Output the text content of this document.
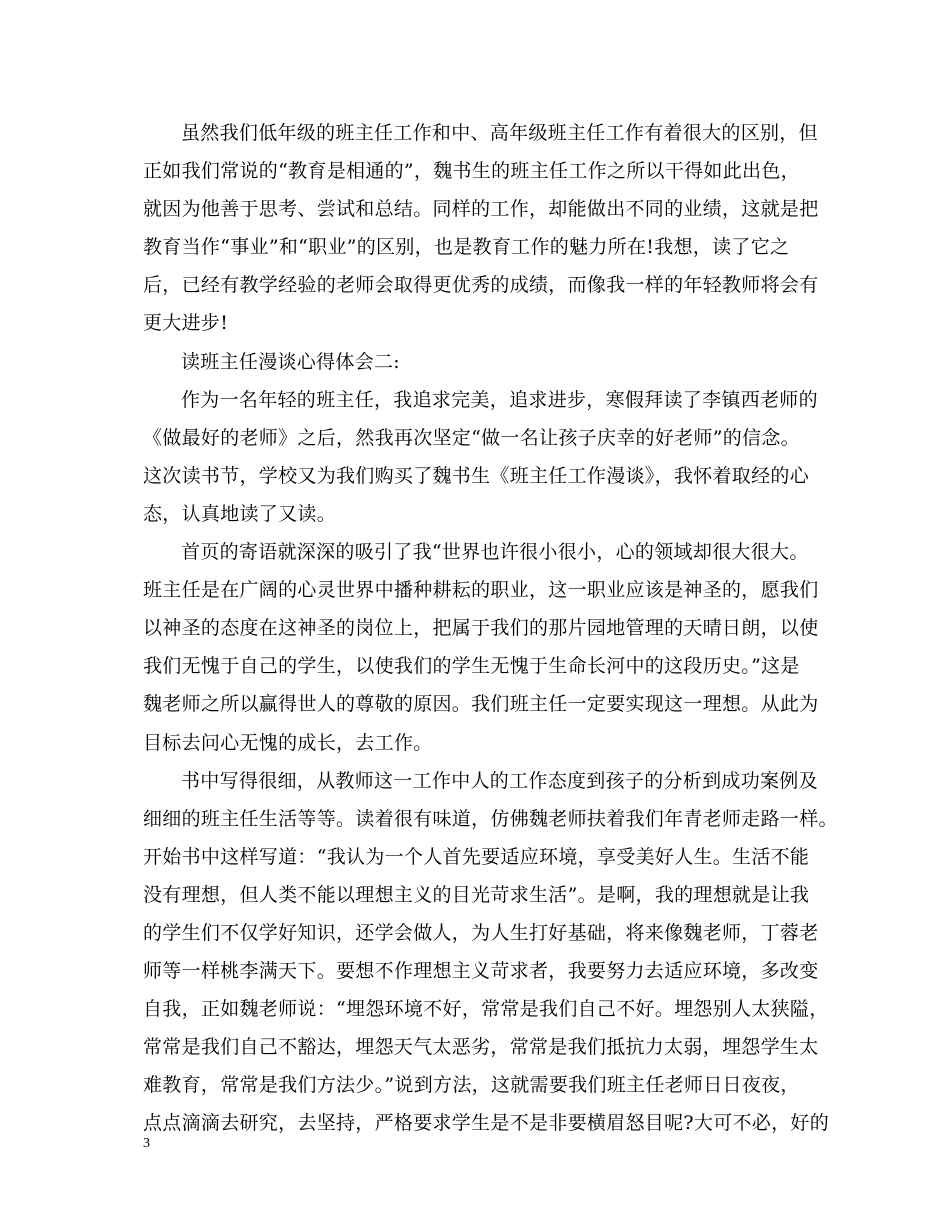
虽然我们低年级的班主任工作和中、高年级班主任工作有着很大的区别，但
正如我们常说的“教育是相通的”，魏书生的班主任工作之所以干得如此出色，
就因为他善于思考、尝试和总结。同样的工作，却能做出不同的业绩，这就是把
教育当作“事业”和“职业”的区别，也是教育工作的魅力所在!我想，读了它之
后，已经有教学经验的老师会取得更优秀的成绩，而像我一样的年轻教师将会有
更大进步!
读班主任漫谈心得体会二:
作为一名年轻的班主任，我追求完美，追求进步，寒假拜读了李镇西老师的
《做最好的老师》之后，然我再次坚定“做一名让孩子庆幸的好老师”的信念。
这次读书节，学校又为我们购买了魏书生《班主任工作漫谈》，我怀着取经的心
态，认真地读了又读。
首页的寄语就深深的吸引了我“世界也许很小很小，心的领域却很大很大。
班主任是在广阔的心灵世界中播种耕耘的职业，这一职业应该是神圣的，愿我们
以神圣的态度在这神圣的岗位上，把属于我们的那片园地管理的天晴日朗，以使
我们无愧于自己的学生，以使我们的学生无愧于生命长河中的这段历史。”这是
魏老师之所以赢得世人的尊敬的原因。我们班主任一定要实现这一理想。从此为
目标去问心无愧的成长，去工作。
书中写得很细，从教师这一工作中人的工作态度到孩子的分析到成功案例及
细细的班主任生活等等。读着很有味道，仿佛魏老师扶着我们年青老师走路一样。
开始书中这样写道：“我认为一个人首先要适应环境，享受美好人生。生活不能
没有理想，但人类不能以理想主义的目光苛求生活”。是啊，我的理想就是让我
的学生们不仅学好知识，还学会做人，为人生打好基础，将来像魏老师，丁蓉老
师等一样桃李满天下。要想不作理想主义苛求者，我要努力去适应环境，多改变
自我，正如魏老师说：“埋怨环境不好，常常是我们自己不好。埋怨别人太狭隘，
常常是我们自己不豁达，埋怨天气太恶劣，常常是我们抵抗力太弱，埋怨学生太
难教育，常常是我们方法少。”说到方法，这就需要我们班主任老师日日夜夜，
点点滴滴去研究，去坚持，严格要求学生是不是非要横眉怒目呢?大可不必，好的
3
